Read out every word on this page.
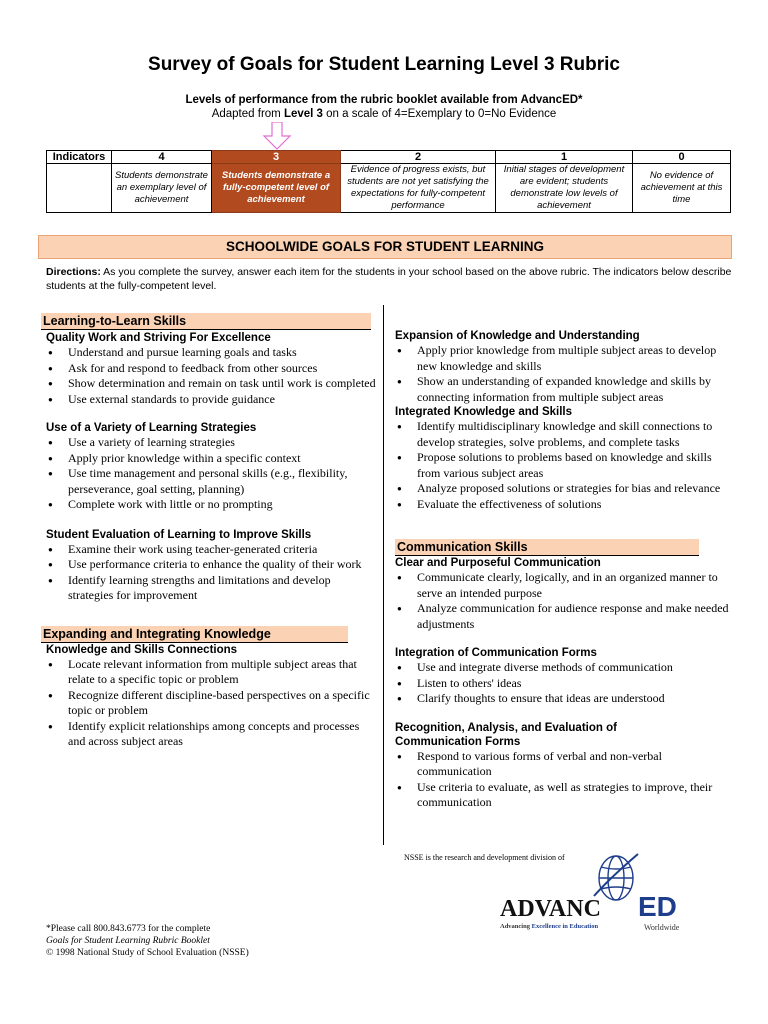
Survey of Goals for Student Learning Level 3 Rubric
Levels of performance from the rubric booklet available from AdvancED*
Adapted from Level 3 on a scale of 4=Exemplary to 0=No Evidence
Indicators	4	3	2	1	0
	Students demonstrate an exemplary level of achievement	Students demonstrate a fully-competent level of achievement	Evidence of progress exists, but students are not yet satisfying the expectations for fully-competent performance	Initial stages of development are evident; students demonstrate low levels of achievement	No evidence of achievement at this time
SCHOOLWIDE GOALS FOR STUDENT LEARNING
Directions: As you complete the survey, answer each item for the students in your school based on the above rubric. The indicators below describe students at the fully-competent level.
Learning-to-Learn Skills
Quality Work and Striving For Excellence
● Understand and pursue learning goals and tasks
● Ask for and respond to feedback from other sources
● Show determination and remain on task until work is completed
● Use external standards to provide guidance
Use of a Variety of Learning Strategies
● Use a variety of learning strategies
● Apply prior knowledge within a specific context
● Use time management and personal skills (e.g., flexibility, perseverance, goal setting, planning)
● Complete work with little or no prompting
Student Evaluation of Learning to Improve Skills
● Examine their work using teacher-generated criteria
● Use performance criteria to enhance the quality of their work
● Identify learning strengths and limitations and develop strategies for improvement
Expanding and Integrating Knowledge
Knowledge and Skills Connections
● Locate relevant information from multiple subject areas that relate to a specific topic or problem
● Recognize different discipline-based perspectives on a specific topic or problem
● Identify explicit relationships among concepts and processes and across subject areas
Expansion of Knowledge and Understanding
● Apply prior knowledge from multiple subject areas to develop new knowledge and skills
● Show an understanding of expanded knowledge and skills by connecting information from multiple subject areas
Integrated Knowledge and Skills
● Identify multidisciplinary knowledge and skill connections to develop strategies, solve problems, and complete tasks
● Propose solutions to problems based on knowledge and skills from various subject areas
● Analyze proposed solutions or strategies for bias and relevance
● Evaluate the effectiveness of solutions
Communication Skills
Clear and Purposeful Communication
● Communicate clearly, logically, and in an organized manner to serve an intended purpose
● Analyze communication for audience response and make needed adjustments
Integration of Communication Forms
● Use and integrate diverse methods of communication
● Listen to others' ideas
● Clarify thoughts to ensure that ideas are understood
Recognition, Analysis, and Evaluation of Communication Forms
● Respond to various forms of verbal and non-verbal communication
● Use criteria to evaluate, as well as strategies to improve, their communication
NSSE is the research and development division of
ADVANC ED
Advancing Excellence in Education	Worldwide
*Please call 800.843.6773 for the complete
Goals for Student Learning Rubric Booklet
© 1998 National Study of School Evaluation (NSSE)
